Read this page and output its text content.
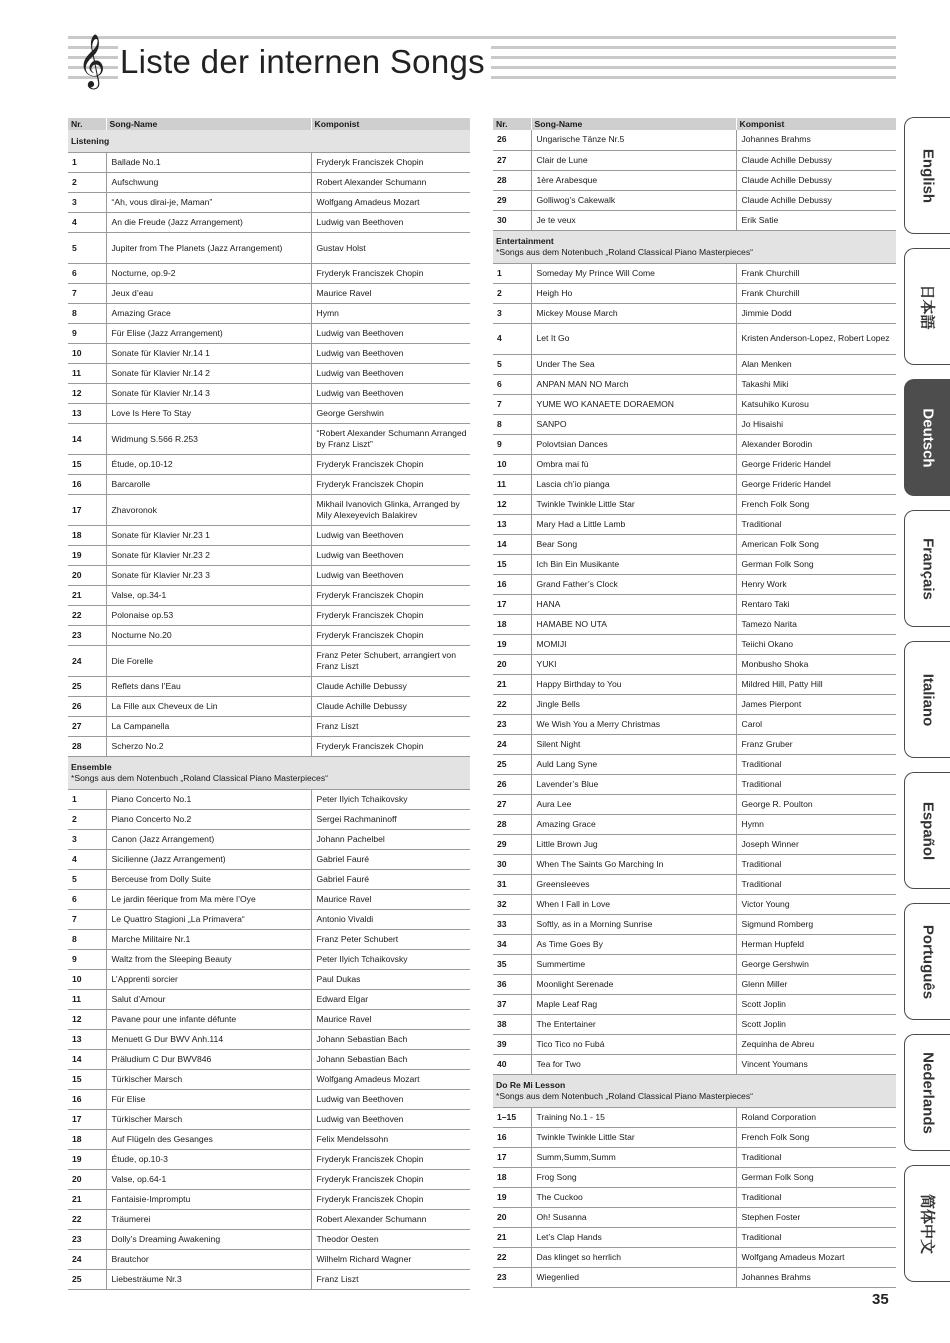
𝄞 Liste der internen Songs
Nr.	Song-Name	Komponist
Listening		
1	Ballade No.1	Fryderyk Franciszek Chopin
2	Aufschwung	Robert Alexander Schumann
3	“Ah, vous dirai-je, Maman”	Wolfgang Amadeus Mozart
4	An die Freude (Jazz Arrangement)	Ludwig van Beethoven
5	Jupiter from The Planets (Jazz Arrangement)	Gustav Holst
6	Nocturne, op.9-2	Fryderyk Franciszek Chopin
7	Jeux d’eau	Maurice Ravel
8	Amazing Grace	Hymn
9	Für Elise (Jazz Arrangement)	Ludwig van Beethoven
10	Sonate für Klavier Nr.14 1	Ludwig van Beethoven
11	Sonate für Klavier Nr.14 2	Ludwig van Beethoven
12	Sonate für Klavier Nr.14 3	Ludwig van Beethoven
13	Love Is Here To Stay	George Gershwin
14	Widmung S.566 R.253	“Robert Alexander Schumann Arranged by Franz Liszt”
15	Étude, op.10-12	Fryderyk Franciszek Chopin
16	Barcarolle	Fryderyk Franciszek Chopin
17	Zhavoronok	Mikhail Ivanovich Glinka, Arranged by Mily Alexeyevich Balakirev
18	Sonate für Klavier Nr.23 1	Ludwig van Beethoven
19	Sonate für Klavier Nr.23 2	Ludwig van Beethoven
20	Sonate für Klavier Nr.23 3	Ludwig van Beethoven
21	Valse, op.34-1	Fryderyk Franciszek Chopin
22	Polonaise op.53	Fryderyk Franciszek Chopin
23	Nocturne No.20	Fryderyk Franciszek Chopin
24	Die Forelle	Franz Peter Schubert, arrangiert von Franz Liszt
25	Reflets dans l’Eau	Claude Achille Debussy
26	La Fille aux Cheveux de Lin	Claude Achille Debussy
27	La Campanella	Franz Liszt
28	Scherzo No.2	Fryderyk Franciszek Chopin

Ensemble
*Songs aus dem Notenbuch „Roland Classical Piano Masterpieces“		

1	Piano Concerto No.1	Peter Ilyich Tchaikovsky
2	Piano Concerto No.2	Sergei Rachmaninoff
3	Canon (Jazz Arrangement)	Johann Pachelbel
4	Sicilienne (Jazz Arrangement)	Gabriel Fauré
5	Berceuse from Dolly Suite	Gabriel Fauré
6	Le jardin féerique from Ma mère l’Oye	Maurice Ravel
7	Le Quattro Stagioni „La Primavera“	Antonio Vivaldi
8	Marche Militaire Nr.1	Franz Peter Schubert
9	Waltz from the Sleeping Beauty	Peter Ilyich Tchaikovsky
10	L’Apprenti sorcier	Paul Dukas
11	Salut d’Amour	Edward Elgar
12	Pavane pour une infante défunte	Maurice Ravel
13	Menuett G Dur BWV Anh.114	Johann Sebastian Bach
14	Präludium C Dur BWV846	Johann Sebastian Bach
15	Türkischer Marsch	Wolfgang Amadeus Mozart
16	Für Elise	Ludwig van Beethoven
17	Türkischer Marsch	Ludwig van Beethoven
18	Auf Flügeln des Gesanges	Felix Mendelssohn
19	Étude, op.10-3	Fryderyk Franciszek Chopin
20	Valse, op.64-1	Fryderyk Franciszek Chopin
21	Fantaisie-Impromptu	Fryderyk Franciszek Chopin
22	Träumerei	Robert Alexander Schumann
23	Dolly’s Dreaming Awakening	Theodor Oesten
24	Brautchor	Wilhelm Richard Wagner
25	Liebesträume Nr.3	Franz Liszt
Nr.	Song-Name	Komponist
26	Ungarische Tänze Nr.5	Johannes Brahms
27	Clair de Lune	Claude Achille Debussy
28	1ère Arabesque	Claude Achille Debussy
29	Golliwog’s Cakewalk	Claude Achille Debussy
30	Je te veux	Erik Satie

Entertainment
*Songs aus dem Notenbuch „Roland Classical Piano Masterpieces“		

1	Someday My Prince Will Come	Frank Churchill
2	Heigh Ho	Frank Churchill
3	Mickey Mouse March	Jimmie Dodd
4	Let It Go	Kristen Anderson-Lopez, Robert Lopez
5	Under The Sea	Alan Menken
6	ANPAN MAN NO March	Takashi Miki
7	YUME WO KANAETE DORAEMON	Katsuhiko Kurosu
8	SANPO	Jo Hisaishi
9	Polovtsian Dances	Alexander Borodin
10	Ombra mai fù	George Frideric Handel
11	Lascia ch’io pianga	George Frideric Handel
12	Twinkle Twinkle Little Star	French Folk Song
13	Mary Had a Little Lamb	Traditional
14	Bear Song	American Folk Song
15	Ich Bin Ein Musikante	German Folk Song
16	Grand Father’s Clock	Henry Work
17	HANA	Rentaro Taki
18	HAMABE NO UTA	Tamezo Narita
19	MOMIJI	Teiichi Okano
20	YUKI	Monbusho Shoka
21	Happy Birthday to You	Mildred Hill, Patty Hill
22	Jingle Bells	James Pierpont
23	We Wish You a Merry Christmas	Carol
24	Silent Night	Franz Gruber
25	Auld Lang Syne	Traditional
26	Lavender’s Blue	Traditional
27	Aura Lee	George R. Poulton
28	Amazing Grace	Hymn
29	Little Brown Jug	Joseph Winner
30	When The Saints Go Marching In	Traditional
31	Greensleeves	Traditional
32	When I Fall in Love	Victor Young
33	Softly, as in a Morning Sunrise	Sigmund Romberg
34	As Time Goes By	Herman Hupfeld
35	Summertime	George Gershwin
36	Moonlight Serenade	Glenn Miller
37	Maple Leaf Rag	Scott Joplin
38	The Entertainer	Scott Joplin
39	Tico Tico no Fubá	Zequinha de Abreu
40	Tea for Two	Vincent Youmans

Do Re Mi Lesson
*Songs aus dem Notenbuch „Roland Classical Piano Masterpieces“		

1–15	Training No.1 - 15	Roland Corporation
16	Twinkle Twinkle Little Star	French Folk Song
17	Summ,Summ,Summ	Traditional
18	Frog Song	German Folk Song
19	The Cuckoo	Traditional
20	Oh! Susanna	Stephen Foster
21	Let’s Clap Hands	Traditional
22	Das klinget so herrlich	Wolfgang Amadeus Mozart
23	Wiegenlied	Johannes Brahms
English
日本語
Deutsch
Français
Italiano
Español
Português
Nederlands
简体中文
35
